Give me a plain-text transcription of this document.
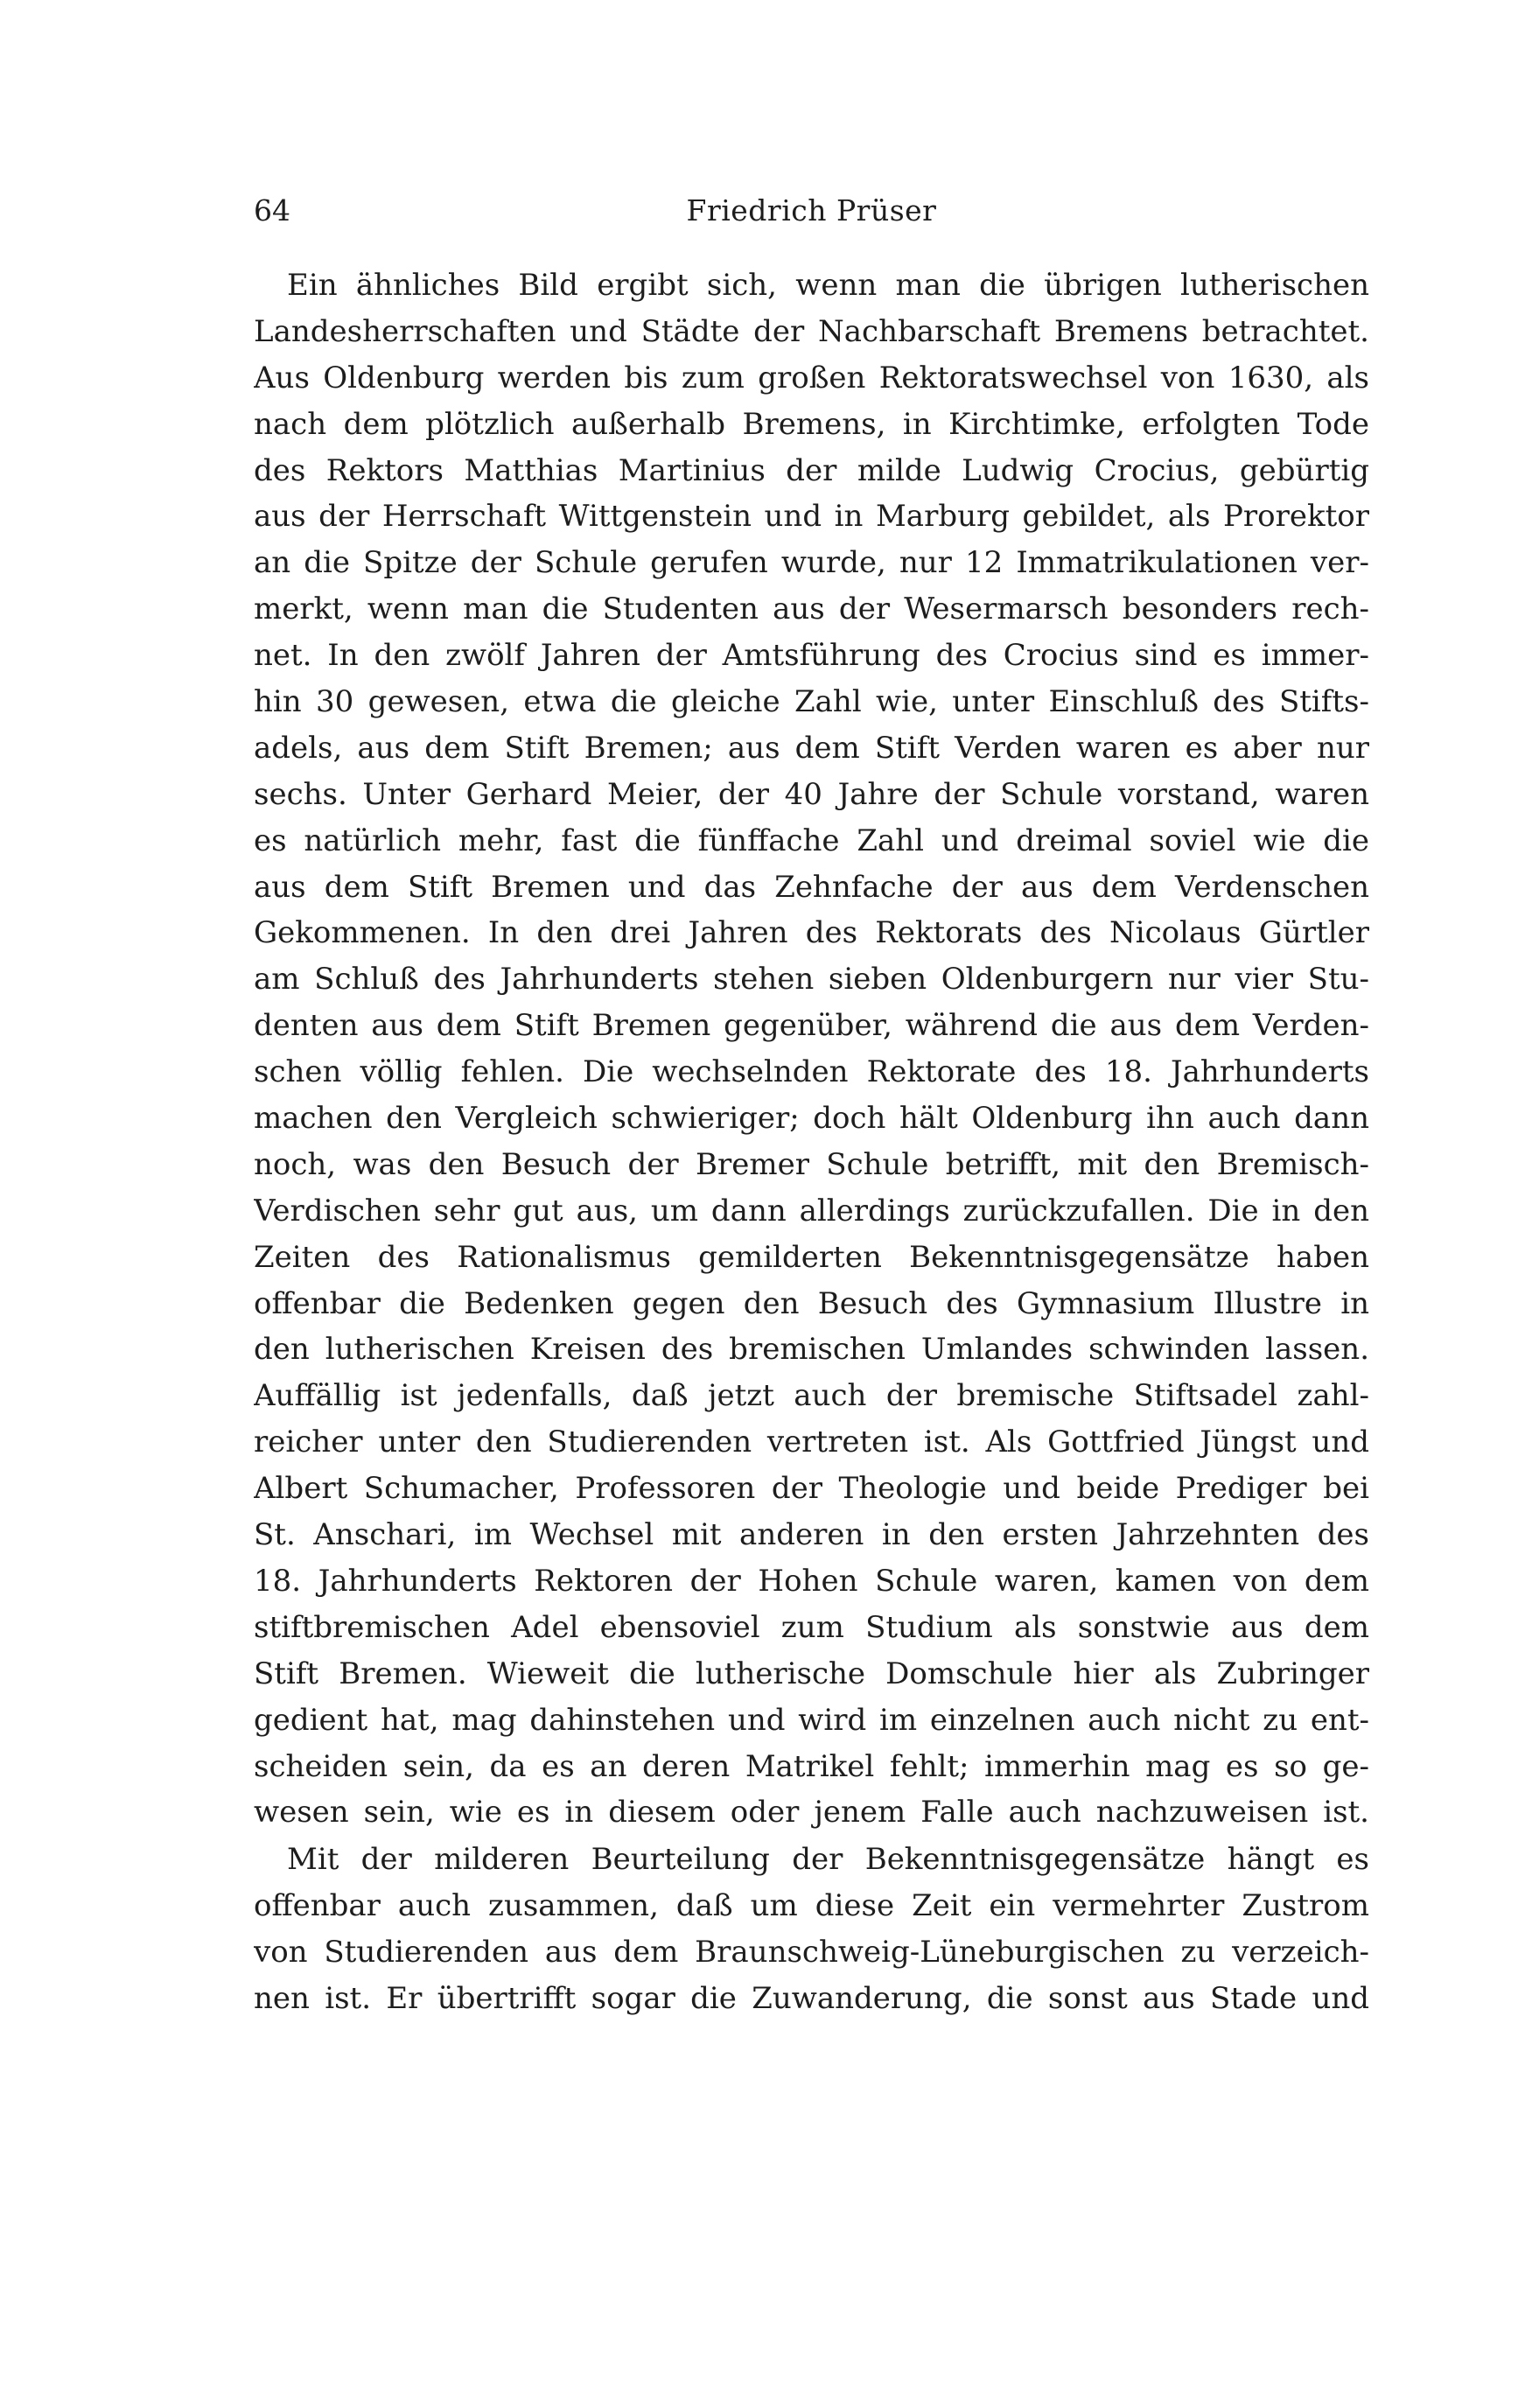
64	Friedrich Prüser
Ein ähnliches Bild ergibt sich, wenn man die übrigen lutherischen
Landesherrschaften und Städte der Nachbarschaft Bremens betrachtet.
Aus Oldenburg werden bis zum großen Rektoratswechsel von 1630, als
nach dem plötzlich außerhalb Bremens, in Kirchtimke, erfolgten Tode
des Rektors Matthias Martinius der milde Ludwig Crocius, gebürtig
aus der Herrschaft Wittgenstein und in Marburg gebildet, als Prorektor
an die Spitze der Schule gerufen wurde, nur 12 Immatrikulationen ver-
merkt, wenn man die Studenten aus der Wesermarsch besonders rech-
net. In den zwölf Jahren der Amtsführung des Crocius sind es immer-
hin 30 gewesen, etwa die gleiche Zahl wie, unter Einschluß des Stifts-
adels, aus dem Stift Bremen; aus dem Stift Verden waren es aber nur
sechs. Unter Gerhard Meier, der 40 Jahre der Schule vorstand, waren
es natürlich mehr, fast die fünffache Zahl und dreimal soviel wie die
aus dem Stift Bremen und das Zehnfache der aus dem Verdenschen
Gekommenen. In den drei Jahren des Rektorats des Nicolaus Gürtler
am Schluß des Jahrhunderts stehen sieben Oldenburgern nur vier Stu-
denten aus dem Stift Bremen gegenüber, während die aus dem Verden-
schen völlig fehlen. Die wechselnden Rektorate des 18. Jahrhunderts
machen den Vergleich schwieriger; doch hält Oldenburg ihn auch dann
noch, was den Besuch der Bremer Schule betrifft, mit den Bremisch-
Verdischen sehr gut aus, um dann allerdings zurückzufallen. Die in den
Zeiten des Rationalismus gemilderten Bekenntnisgegensätze haben
offenbar die Bedenken gegen den Besuch des Gymnasium Illustre in
den lutherischen Kreisen des bremischen Umlandes schwinden lassen.
Auffällig ist jedenfalls, daß jetzt auch der bremische Stiftsadel zahl-
reicher unter den Studierenden vertreten ist. Als Gottfried Jüngst und
Albert Schumacher, Professoren der Theologie und beide Prediger bei
St. Anschari, im Wechsel mit anderen in den ersten Jahrzehnten des
18. Jahrhunderts Rektoren der Hohen Schule waren, kamen von dem
stiftbremischen Adel ebensoviel zum Studium als sonstwie aus dem
Stift Bremen. Wieweit die lutherische Domschule hier als Zubringer
gedient hat, mag dahinstehen und wird im einzelnen auch nicht zu ent-
scheiden sein, da es an deren Matrikel fehlt; immerhin mag es so ge-
wesen sein, wie es in diesem oder jenem Falle auch nachzuweisen ist.
Mit der milderen Beurteilung der Bekenntnisgegensätze hängt es
offenbar auch zusammen, daß um diese Zeit ein vermehrter Zustrom
von Studierenden aus dem Braunschweig-Lüneburgischen zu verzeich-
nen ist. Er übertrifft sogar die Zuwanderung, die sonst aus Stade und
